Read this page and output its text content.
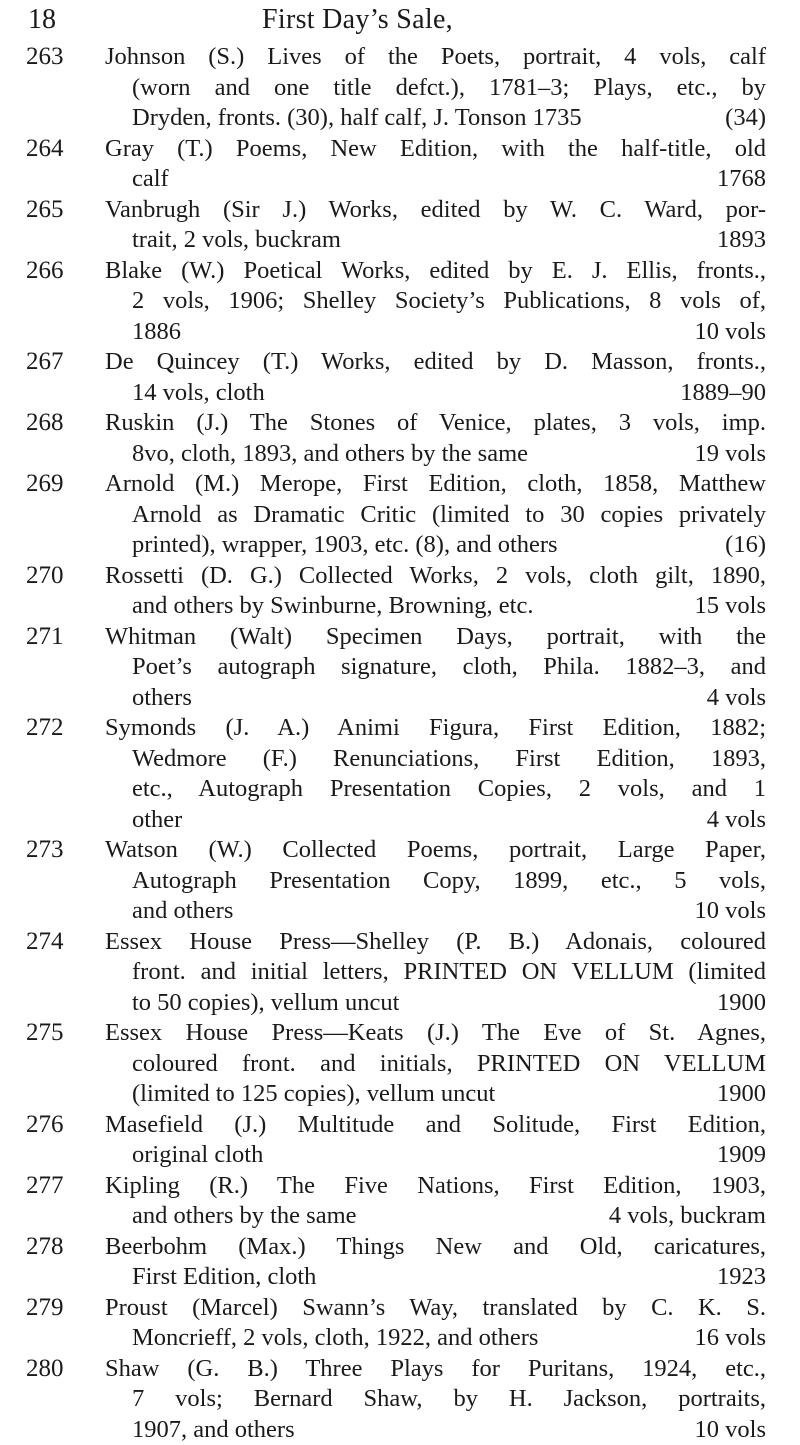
18	First Day’s Sale,
263 Johnson (S.) Lives of the Poets, portrait, 4 vols, calf
(worn and one title defct.), 1781–3; Plays, etc., by
Dryden, fronts. (30), half calf, J. Tonson 1735	(34)
264 Gray (T.) Poems, New Edition, with the half-title, old
calf	1768
265 Vanbrugh (Sir J.) Works, edited by W. C. Ward, por-
trait, 2 vols, buckram	1893
266 Blake (W.) Poetical Works, edited by E. J. Ellis, fronts.,
2 vols, 1906; Shelley Society’s Publications, 8 vols of,
1886	10 vols
267 De Quincey (T.) Works, edited by D. Masson, fronts.,
14 vols, cloth	1889–90
268 Ruskin (J.) The Stones of Venice, plates, 3 vols, imp.
8vo, cloth, 1893, and others by the same	19 vols
269 Arnold (M.) Merope, First Edition, cloth, 1858, Matthew
Arnold as Dramatic Critic (limited to 30 copies privately
printed), wrapper, 1903, etc. (8), and others	(16)
270 Rossetti (D. G.) Collected Works, 2 vols, cloth gilt, 1890,
and others by Swinburne, Browning, etc.	15 vols
271 Whitman (Walt) Specimen Days, portrait, with the
Poet’s autograph signature, cloth, Phila. 1882–3, and
others	4 vols
272 Symonds (J. A.) Animi Figura, First Edition, 1882;
Wedmore (F.) Renunciations, First Edition, 1893,
etc., Autograph Presentation Copies, 2 vols, and 1
other	4 vols
273 Watson (W.) Collected Poems, portrait, Large Paper,
Autograph Presentation Copy, 1899, etc., 5 vols,
and others	10 vols
274 Essex House Press—Shelley (P. B.) Adonais, coloured
front. and initial letters, PRINTED ON VELLUM (limited
to 50 copies), vellum uncut	1900
275 Essex House Press—Keats (J.) The Eve of St. Agnes,
coloured front. and initials, PRINTED ON VELLUM
(limited to 125 copies), vellum uncut	1900
276 Masefield (J.) Multitude and Solitude, First Edition,
original cloth	1909
277 Kipling (R.) The Five Nations, First Edition, 1903,
and others by the same	4 vols, buckram
278 Beerbohm (Max.) Things New and Old, caricatures,
First Edition, cloth	1923
279 Proust (Marcel) Swann’s Way, translated by C. K. S.
Moncrieff, 2 vols, cloth, 1922, and others	16 vols
280 Shaw (G. B.) Three Plays for Puritans, 1924, etc.,
7 vols; Bernard Shaw, by H. Jackson, portraits,
1907, and others	10 vols
